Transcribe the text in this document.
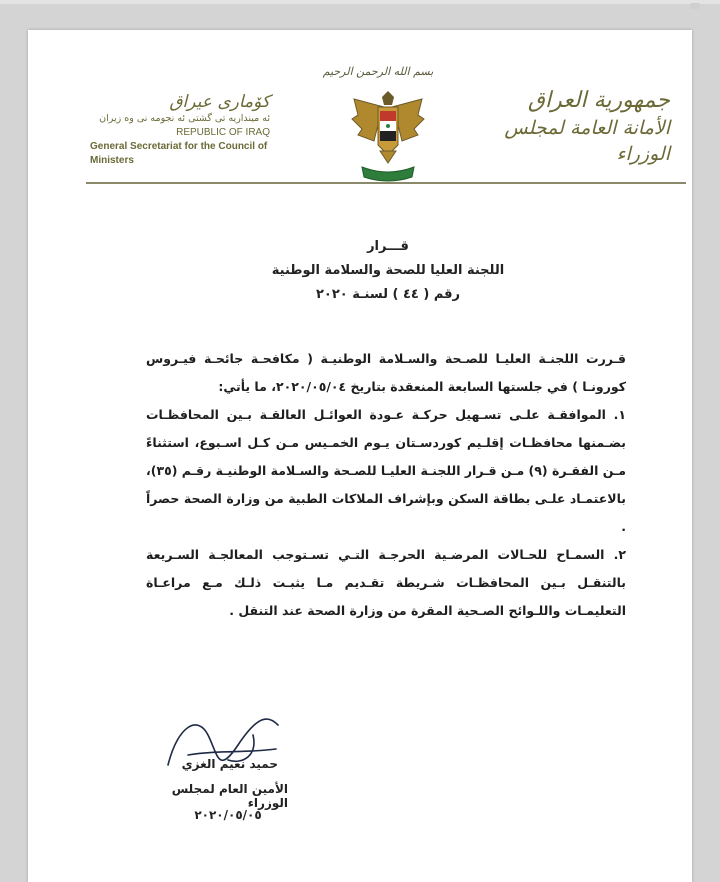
بسم الله الرحمن الرحيم
جمهورية العراق
الأمانة العامة لمجلس الوزراء
كۆماری عیراق
ئه مینداریه تی گشتی ئه نجومه نی وه زیران
REPUBLIC OF IRAQ
General Secretariat for the Council of Ministers
قـــرار
اللجنة العليا للصحة والسلامة الوطنية
رقم ( ٤٤ ) لسنـة ٢٠٢٠

قـررت اللجنـة العليـا للصـحة والسـلامة الوطنيـة ( مكافحـة جائحـة فيـروس كورونـا ) في جلستها السابعة المنعقدة بتاريخ ٢٠٢٠/٠٥/٠٤، ما يأتي:

١. الموافقـة علـى تسـهيل حركـة عـودة العوائـل العالقـة بـين المحافظـات بضـمنها محافظـات إقلـيم كوردسـتان يـوم الخمـيس مـن كـل اسـبوع، استثناءً مـن الفقـرة (٩) مـن قـرار اللجنـة العليـا للصـحة والسـلامة الوطنيـة رقـم (٣٥)، بالاعتمـاد علـى بطاقة السكن وبإشراف الملاكات الطبية من وزارة الصحة حصراً .

٢. السمـاح للحـالات المرضـية الحرجـة التـي تسـتوجب المعالجـة السـريعة بالتنقـل بـين المحافظـات شـريطة تقـديم مـا يثبـت ذلـك مـع مراعـاة التعليمـات واللـوائح الصـحية المقرة من وزارة الصحة عند التنقل .

حميد نعيم الغزي
الأمين العام لمجلس الوزراء
٢٠٢٠/٠٥/٠٥
